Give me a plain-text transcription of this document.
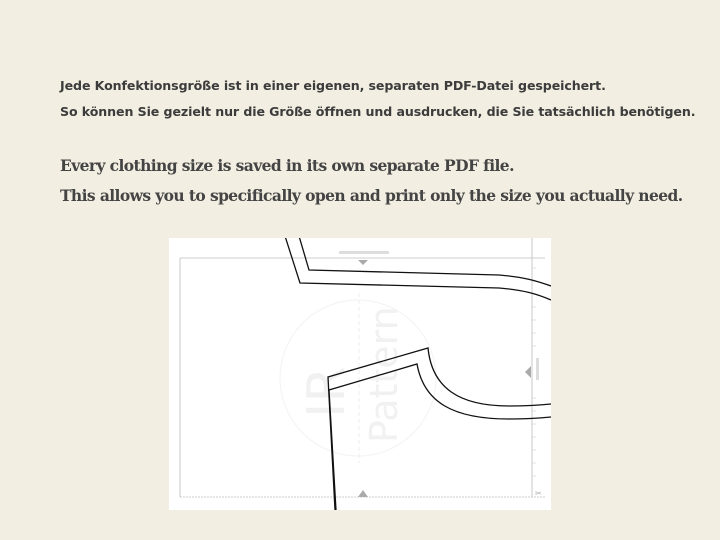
Jede Konfektionsgröße ist in einer eigenen, separaten PDF-Datei gespeichert.
So können Sie gezielt nur die Größe öffnen und ausdrucken, die Sie tatsächlich benötigen.
Every clothing size is saved in its own separate PDF file.
This allows you to specifically open and print only the size you actually need.
IR Pattern
✂
